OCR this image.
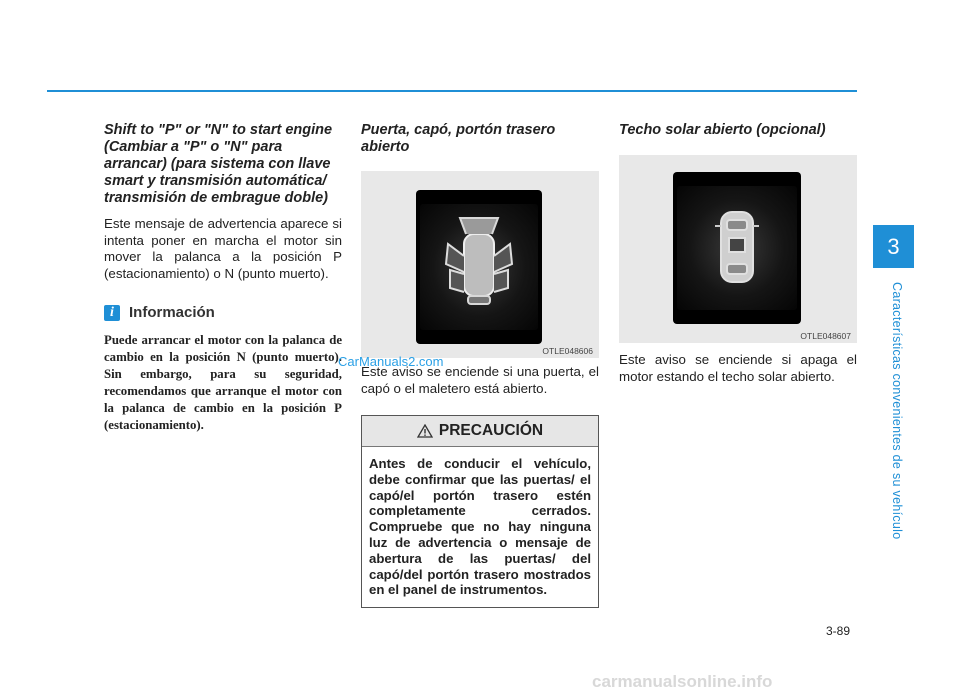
Shift to "P" or "N" to start engine (Cambiar a "P" o "N" para arrancar) (para sistema con llave smart y transmisión automática/ transmisión de embrague doble)

Este mensaje de advertencia aparece si intenta poner en marcha el motor sin mover la palanca a la posición P (estacionamiento) o N (punto muerto).

i	Información
Puede arrancar el motor con la palanca de cambio en la posición N (punto muerto). Sin embargo, para su seguridad, recomendamos que arranque el motor con la palanca de cambio en la posición P (estacionamiento).

Puerta, capó, portón trasero abierto

OTLE048606

Este aviso se enciende si una puerta, el capó o el maletero está abierto.

PRECAUCIÓN
Antes de conducir el vehículo, debe confirmar que las puertas/ el capó/el portón trasero estén completamente cerrados. Compruebe que no hay ninguna luz de advertencia o mensaje de abertura de las puertas/ del capó/del portón trasero mostrados en el panel de instrumentos.

Techo solar abierto (opcional)

OTLE048607

Este aviso se enciende si apaga el motor estando el techo solar abierto.

3
Características convenientes de su vehículo
3-89
CarManuals2.com
carmanualsonline.info
